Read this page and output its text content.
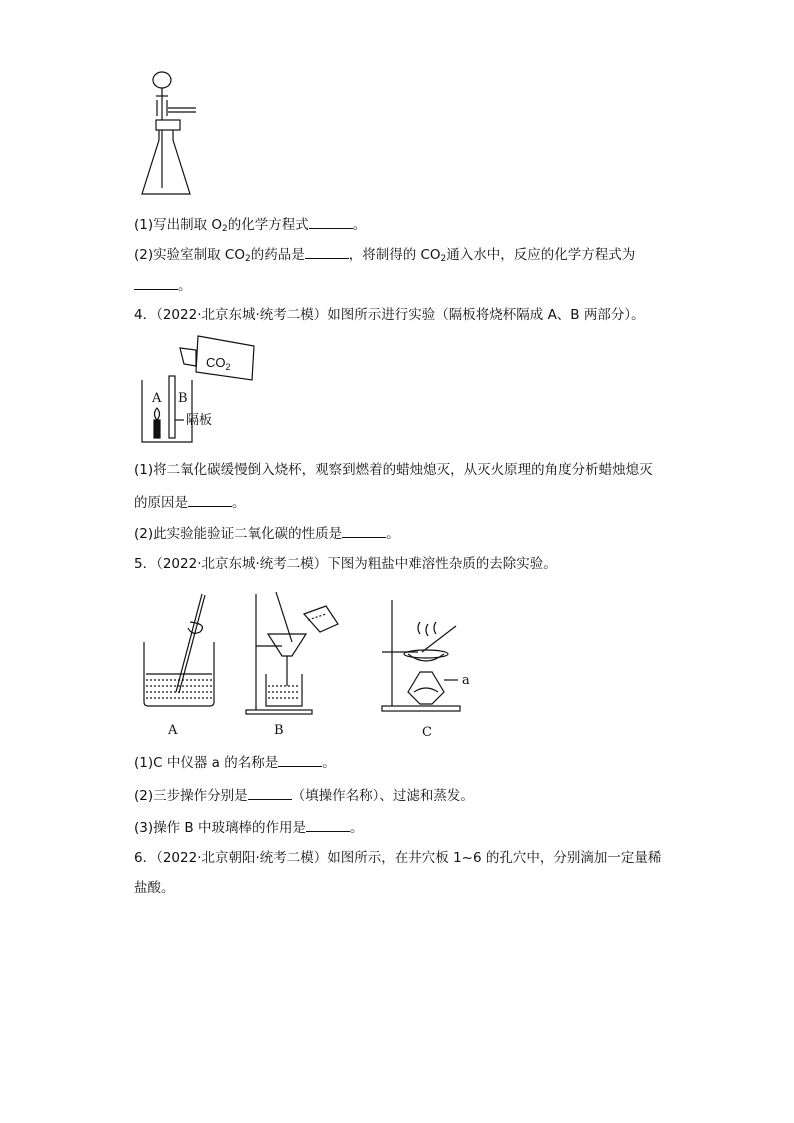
(1)写出制取 $O_2$的化学方程式	。
(2)实验室制取 $CO_2$的药品是	，将制得的 $CO_2$通入水中，反应的化学方程式为
。
4．（2022·北京东城·统考二模）如图所示进行实验（隔板将烧杯隔成 A、B 两部分）。
$CO_2$
A B
隔板
(1)将二氧化碳缓慢倒入烧杯，观察到燃着的蜡烛熄灭，从灭火原理的角度分析蜡烛熄灭
的原因是	。
(2)此实验能验证二氧化碳的性质是	。
5．（2022·北京东城·统考二模）下图为粗盐中难溶性杂质的去除实验。
A	B
a
C
(1)C 中仪器 a 的名称是	。
(2)三步操作分别是	（填操作名称）、过滤和蒸发。
(3)操作 B 中玻璃棒的作用是	。
6．（2022·北京朝阳·统考二模）如图所示，在井穴板 1~6 的孔穴中，分别滴加一定量稀
盐酸。
